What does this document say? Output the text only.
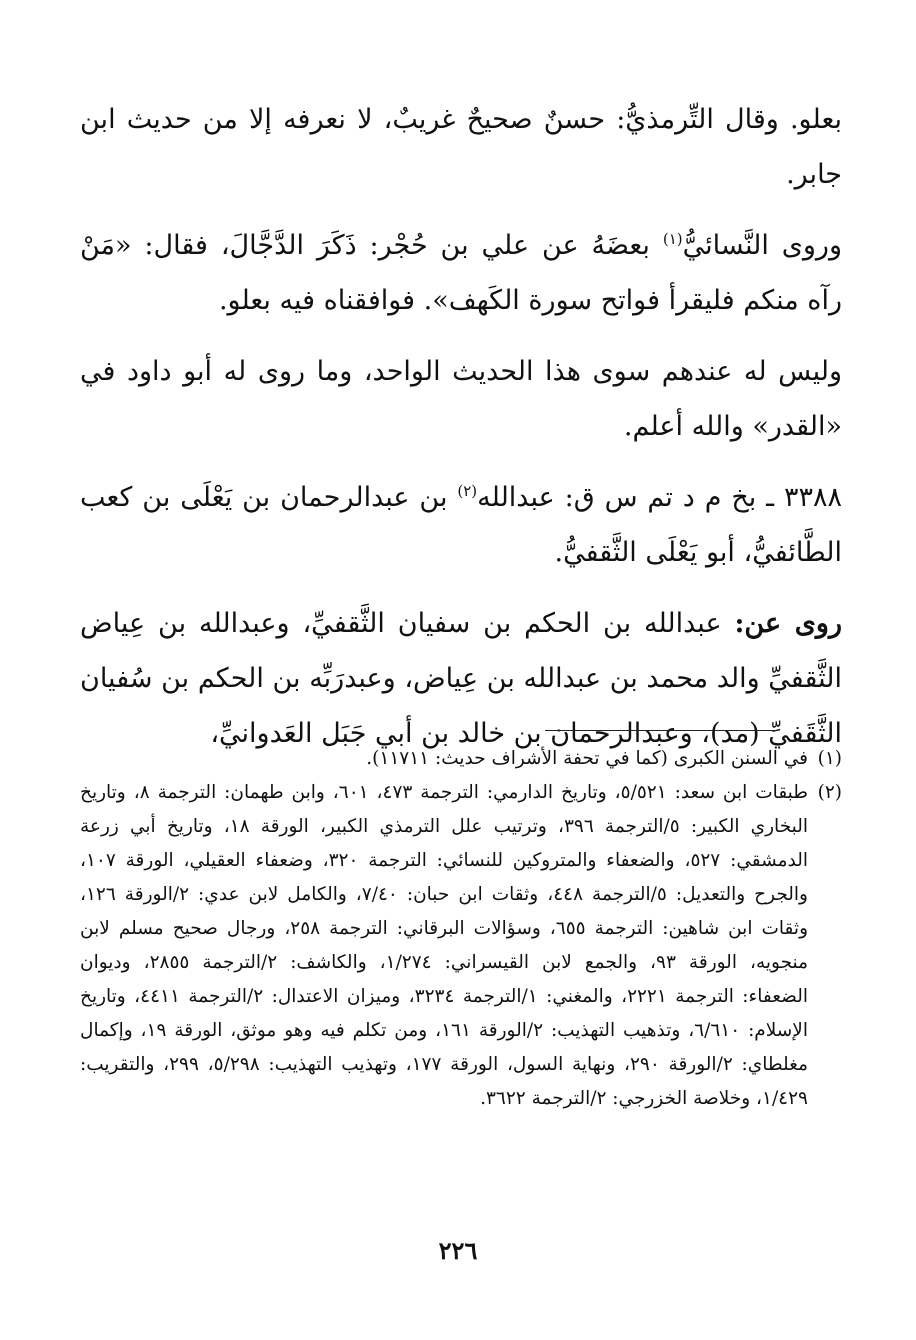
بعلو. وقال التِّرمذيُّ: حسنٌ صحيحٌ غريبٌ، لا نعرفه إلا من حديث ابن جابر.

وروى النَّسائيُّ$^{(١)}$ بعضَهُ عن علي بن حُجْر: ذَكَرَ الدَّجَّالَ، فقال: «مَنْ رآه منكم فليقرأ فواتح سورة الكَهف». فوافقناه فيه بعلو.

وليس له عندهم سوى هذا الحديث الواحد، وما روى له أبو داود في «القدر» والله أعلم.

٣٣٨٨ ـ بخ م د تم س ق: عبدالله$^{(٢)}$ بن عبدالرحمان بن يَعْلَى بن كعب الطَّائفيُّ، أبو يَعْلَى الثَّقفيُّ.

روى عن: عبدالله بن الحكم بن سفيان الثَّقفيِّ، وعبدالله بن عِياض الثَّقفيِّ والد محمد بن عبدالله بن عِياض، وعبدرَبِّه بن الحكم بن سُفيان الثَّقَفيِّ (مد)، وعبدالرحمان بن خالد بن أبي جَبَل العَدوانيِّ،

(١)
في السنن الكبرى (كما في تحفة الأشراف حديث: ١١٧١١).
(٢)
طبقات ابن سعد: ٥/٥٢١، وتاريخ الدارمي: الترجمة ٤٧٣، ٦٠١، وابن طهمان: الترجمة ٨، وتاريخ البخاري الكبير: ٥/الترجمة ٣٩٦، وترتيب علل الترمذي الكبير، الورقة ١٨، وتاريخ أبي زرعة الدمشقي: ٥٢٧، والضعفاء والمتروكين للنسائي: الترجمة ٣٢٠، وضعفاء العقيلي، الورقة ١٠٧، والجرح والتعديل: ٥/الترجمة ٤٤٨، وثقات ابن حبان: ٧/٤٠، والكامل لابن عدي: ٢/الورقة ١٢٦، وثقات ابن شاهين: الترجمة ٦٥٥، وسؤالات البرقاني: الترجمة ٢٥٨، ورجال صحيح مسلم لابن منجويه، الورقة ٩٣، والجمع لابن القيسراني: ١/٢٧٤، والكاشف: ٢/الترجمة ٢٨٥٥، وديوان الضعفاء: الترجمة ٢٢٢١، والمغني: ١/الترجمة ٣٢٣٤، وميزان الاعتدال: ٢/الترجمة ٤٤١١، وتاريخ الإسلام: ٦/٦١٠، وتذهيب التهذيب: ٢/الورقة ١٦١، ومن تكلم فيه وهو موثق، الورقة ١٩، وإكمال مغلطاي: ٢/الورقة ٢٩٠، ونهاية السول، الورقة ١٧٧، وتهذيب التهذيب: ٥/٢٩٨، ٢٩٩، والتقريب: ١/٤٢٩، وخلاصة الخزرجي: ٢/الترجمة ٣٦٢٢.
٢٢٦
